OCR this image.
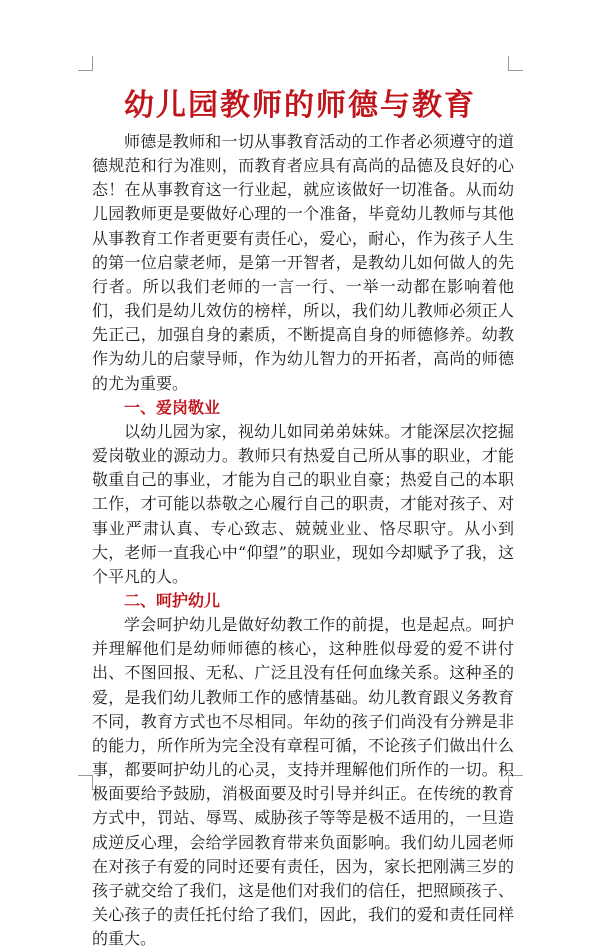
幼儿园教师的师德与教育

师德是教师和一切从事教育活动的工作者必须遵守的道德规范和行为准则，而教育者应具有高尚的品德及良好的心态！在从事教育这一行业起，就应该做好一切准备。从而幼儿园教师更是要做好心理的一个准备，毕竟幼儿教师与其他从事教育工作者更要有责任心，爱心，耐心，作为孩子人生的第一位启蒙老师，是第一开智者，是教幼儿如何做人的先行者。所以我们老师的一言一行、一举一动都在影响着他们，我们是幼儿效仿的榜样，所以，我们幼儿教师必须正人先正己，加强自身的素质，不断提高自身的师德修养。幼教作为幼儿的启蒙导师，作为幼儿智力的开拓者，高尚的师德的尤为重要。

一、爱岗敬业

以幼儿园为家，视幼儿如同弟弟妹妹。才能深层次挖掘爱岗敬业的源动力。教师只有热爱自己所从事的职业，才能敬重自己的事业，才能为自己的职业自豪；热爱自己的本职工作，才可能以恭敬之心履行自己的职责，才能对孩子、对事业严肃认真、专心致志、兢兢业业、恪尽职守。从小到大，老师一直我心中“仰望”的职业，现如今却赋予了我，这个平凡的人。

二、呵护幼儿

学会呵护幼儿是做好幼教工作的前提，也是起点。呵护并理解他们是幼师师德的核心，这种胜似母爱的爱不讲付出、不图回报、无私、广泛且没有任何血缘关系。这种圣的爱，是我们幼儿教师工作的感情基础。幼儿教育跟义务教育不同，教育方式也不尽相同。年幼的孩子们尚没有分辨是非的能力，所作所为完全没有章程可循，不论孩子们做出什么事，都要呵护幼儿的心灵，支持并理解他们所作的一切。积极面要给予鼓励，消极面要及时引导并纠正。在传统的教育方式中，罚站、辱骂、威胁孩子等等是极不适用的，一旦造成逆反心理，会给学园教育带来负面影响。我们幼儿园老师在对孩子有爱的同时还要有责任，因为，家长把刚满三岁的孩子就交给了我们，这是他们对我们的信任，把照顾孩子、关心孩子的责任托付给了我们，因此，我们的爱和责任同样的重大。
